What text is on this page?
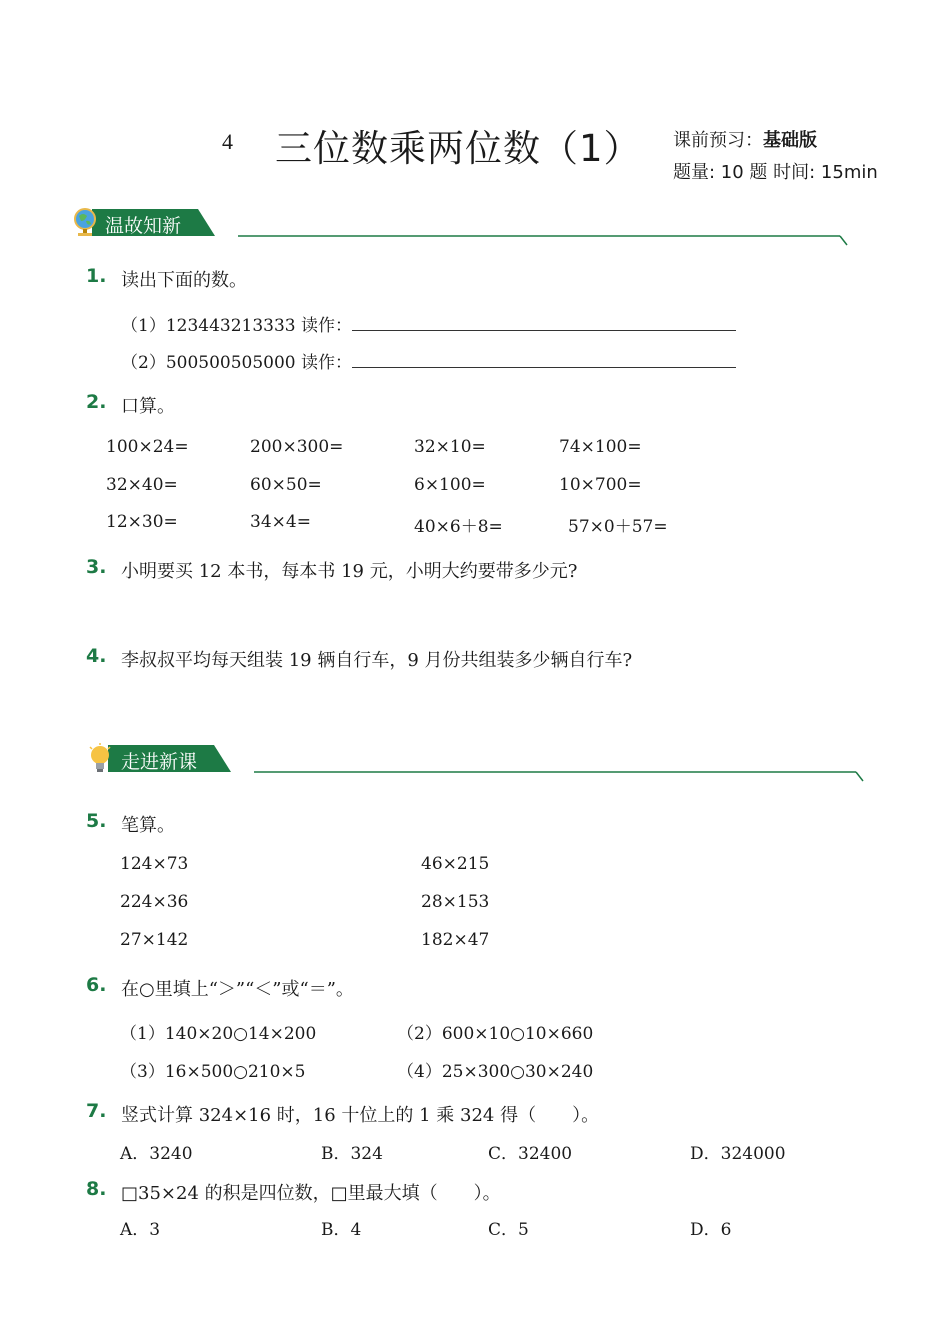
4 三位数乘两位数（1） 课前预习：基础版
题量: 10 题 时间: 15min
温故知新
1. 读出下面的数。
（1）123443213333 读作：
（2）500500505000 读作：
2. 口算。
100×24=	200×300=	32×10=	74×100=
32×40=	60×50=	6×100=	10×700=
12×30=	34×4=	40×6＋8=	57×0＋57=
3. 小明要买 12 本书，每本书 19 元，小明大约要带多少元?
4. 李叔叔平均每天组装 19 辆自行车，9 月份共组装多少辆自行车?
走进新课
5. 笔算。
124×73	46×215
224×36	28×153
27×142	182×47
6. 在○里填上“＞”“＜”或“＝”。
（1）140×20○14×200	（2）600×10○10×660
（3）16×500○210×5	（4）25×300○30×240
7. 竖式计算 324×16 时，16 十位上的 1 乘 324 得（　　）。
A．3240	B．324	C．32400	D．324000
8. □35×24 的积是四位数，□里最大填（　　）。
A．3	B．4	C．5	D．6
